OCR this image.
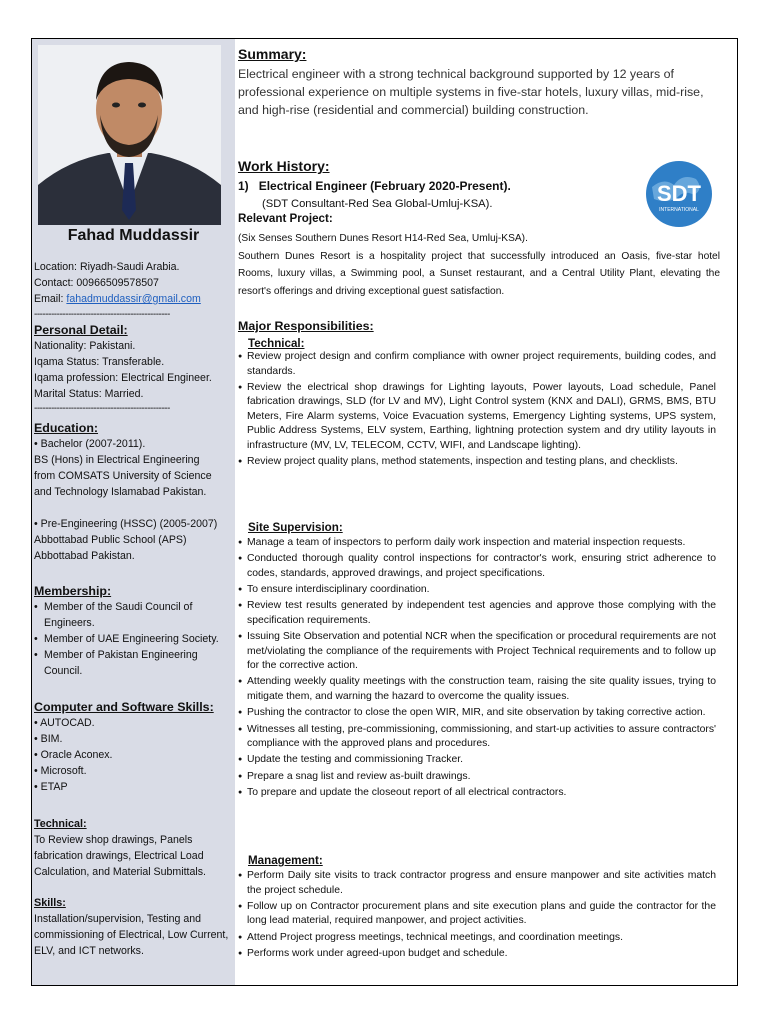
Fahad Muddassir
Location: Riyadh-Saudi Arabia.
Contact: 00966509578507
Email: fahadmuddassir@gmail.com
------------------------------------------------
Personal Detail:
Nationality: Pakistani.
Iqama Status: Transferable.
Iqama profession: Electrical Engineer.
Marital Status: Married.
------------------------------------------------
Education:
• Bachelor (2007-2011).
BS (Hons) in Electrical Engineering
from COMSATS University of Science
and Technology Islamabad Pakistan.
• Pre-Engineering (HSSC) (2005-2007)
Abbottabad Public School (APS)
Abbottabad Pakistan.
Membership:
• Member of the Saudi Council of Engineers.
• Member of UAE Engineering Society.
• Member of Pakistan Engineering Council.
Computer and Software Skills:
• AUTOCAD.
• BIM.
• Oracle Aconex.
• Microsoft.
• ETAP
Technical:
To Review shop drawings, Panels fabrication drawings, Electrical Load Calculation, and Material Submittals.
Skills:
Installation/supervision, Testing and commissioning of Electrical, Low Current, ELV, and ICT networks.
Summary:
Electrical engineer with a strong technical background supported by 12 years of professional experience on multiple systems in five-star hotels, luxury villas, mid-rise, and high-rise (residential and commercial) building construction.
Work History:
1) Electrical Engineer (February 2020-Present).
(SDT Consultant-Red Sea Global-Umluj-KSA).
Relevant Project:
(Six Senses Southern Dunes Resort H14-Red Sea, Umluj-KSA).
Southern Dunes Resort is a hospitality project that successfully introduced an Oasis, five-star hotel Rooms, luxury villas, a Swimming pool, a Sunset restaurant, and a Central Utility Plant, elevating the resort's offerings and driving exceptional guest satisfaction.
SDT
INTERNATIONAL
Major Responsibilities:
Technical:
● Review project design and confirm compliance with owner project requirements, building codes, and standards.
● Review the electrical shop drawings for Lighting layouts, Power layouts, Load schedule, Panel fabrication drawings, SLD (for LV and MV), Light Control system (KNX and DALI), GRMS, BMS, BTU Meters, Fire Alarm systems, Voice Evacuation systems, Emergency Lighting systems, UPS system, Public Address Systems, ELV system, Earthing, lightning protection system and dry utility layouts in infrastructure (MV, LV, TELECOM, CCTV, WIFI, and Landscape lighting).
● Review project quality plans, method statements, inspection and testing plans, and checklists.
Site Supervision:
● Manage a team of inspectors to perform daily work inspection and material inspection requests.
● Conducted thorough quality control inspections for contractor's work, ensuring strict adherence to codes, standards, approved drawings, and project specifications.
● To ensure interdisciplinary coordination.
● Review test results generated by independent test agencies and approve those complying with the specification requirements.
● Issuing Site Observation and potential NCR when the specification or procedural requirements are not met/violating the compliance of the requirements with Project Technical requirements and to follow up for the corrective action.
● Attending weekly quality meetings with the construction team, raising the site quality issues, trying to mitigate them, and warning the hazard to overcome the quality issues.
● Pushing the contractor to close the open WIR, MIR, and site observation by taking corrective action.
● Witnesses all testing, pre-commissioning, commissioning, and start-up activities to assure contractors' compliance with the approved plans and procedures.
● Update the testing and commissioning Tracker.
● Prepare a snag list and review as-built drawings.
● To prepare and update the closeout report of all electrical contractors.
Management:
● Perform Daily site visits to track contractor progress and ensure manpower and site activities match the project schedule.
● Follow up on Contractor procurement plans and site execution plans and guide the contractor for the long lead material, required manpower, and project activities.
● Attend Project progress meetings, technical meetings, and coordination meetings.
● Performs work under agreed-upon budget and schedule.
